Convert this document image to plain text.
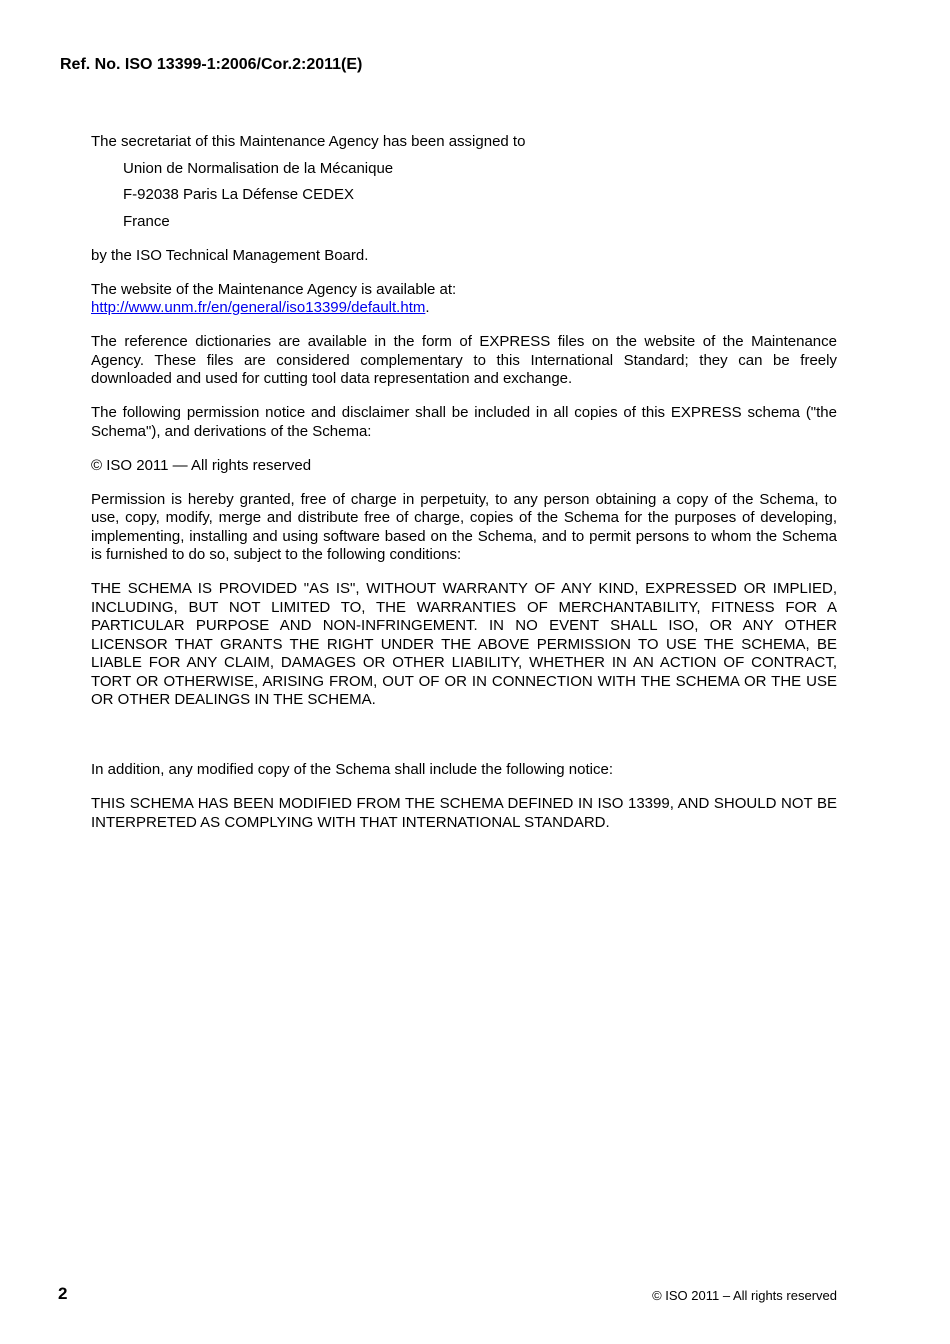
Ref. No. ISO 13399-1:2006/Cor.2:2011(E)

The secretariat of this Maintenance Agency has been assigned to

Union de Normalisation de la Mécanique

F-92038 Paris La Défense CEDEX

France

by the ISO Technical Management Board.

The website of the Maintenance Agency is available at:
http://www.unm.fr/en/general/iso13399/default.htm.

The reference dictionaries are available in the form of EXPRESS files on the website of the Maintenance Agency. These files are considered complementary to this International Standard; they can be freely downloaded and used for cutting tool data representation and exchange.

The following permission notice and disclaimer shall be included in all copies of this EXPRESS schema ("the Schema"), and derivations of the Schema:

© ISO 2011 — All rights reserved

Permission is hereby granted, free of charge in perpetuity, to any person obtaining a copy of the Schema, to use, copy, modify, merge and distribute free of charge, copies of the Schema for the purposes of developing, implementing, installing and using software based on the Schema, and to permit persons to whom the Schema is furnished to do so, subject to the following conditions:

THE SCHEMA IS PROVIDED "AS IS", WITHOUT WARRANTY OF ANY KIND, EXPRESSED OR IMPLIED, INCLUDING, BUT NOT LIMITED TO, THE WARRANTIES OF MERCHANTABILITY, FITNESS FOR A PARTICULAR PURPOSE AND NON-INFRINGEMENT. IN NO EVENT SHALL ISO, OR ANY OTHER LICENSOR THAT GRANTS THE RIGHT UNDER THE ABOVE PERMISSION TO USE THE SCHEMA, BE LIABLE FOR ANY CLAIM, DAMAGES OR OTHER LIABILITY, WHETHER IN AN ACTION OF CONTRACT, TORT OR OTHERWISE, ARISING FROM, OUT OF OR IN CONNECTION WITH THE SCHEMA OR THE USE OR OTHER DEALINGS IN THE SCHEMA.

In addition, any modified copy of the Schema shall include the following notice:

THIS SCHEMA HAS BEEN MODIFIED FROM THE SCHEMA DEFINED IN ISO 13399, AND SHOULD NOT BE INTERPRETED AS COMPLYING WITH THAT INTERNATIONAL STANDARD.

2	© ISO 2011 – All rights reserved
